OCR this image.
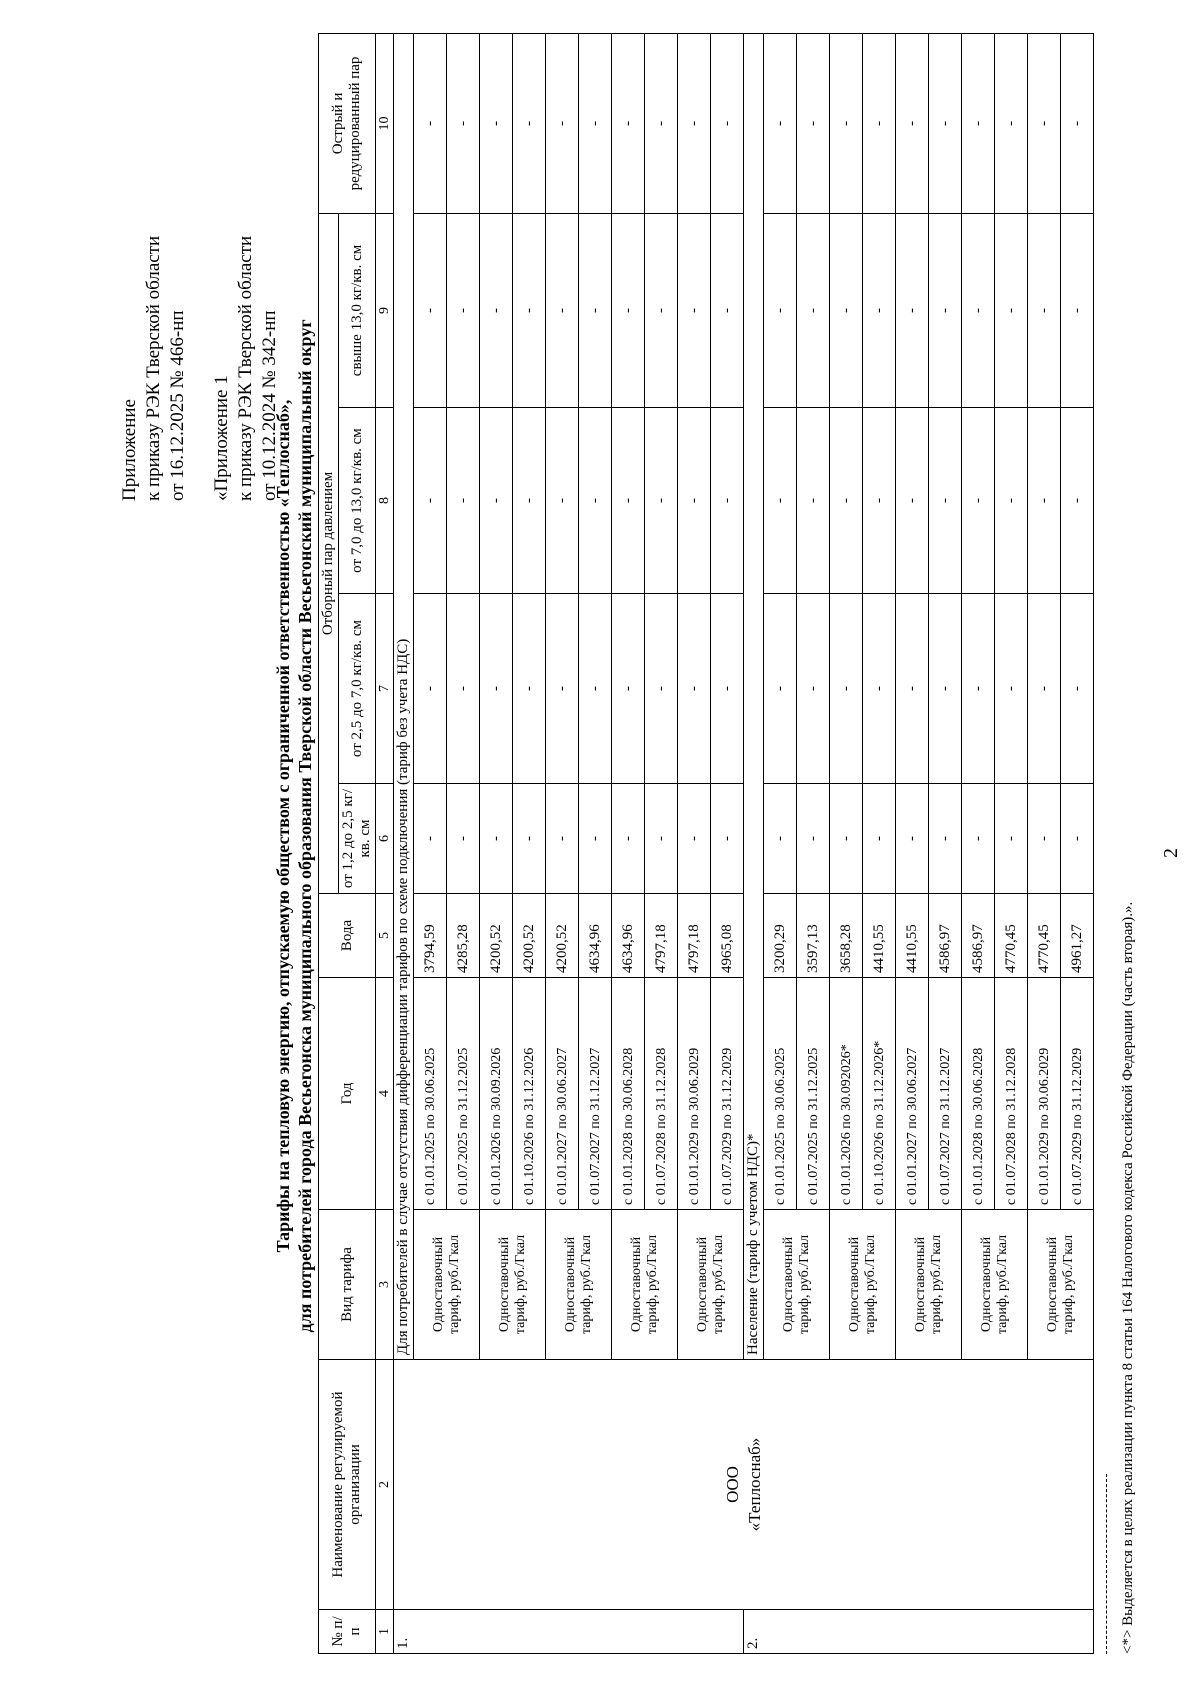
2
Приложение к приказу РЭК Тверской области от 16.12.2025 № 466-нп «Приложение 1 к приказу РЭК Тверской области от 10.12.2024 № 342-нп
Тарифы на тепловую энергию, отпускаемую обществом с ограниченной ответственностью «Теплоснаб», для потребителей города Весьегонска муниципального образования Тверской области Весьегонский муниципальный округ
№ п/п	Наименование регулируемой организации	Вид тарифа	Год	Вода	Отборный пар давлением				Острый и редуцированный пар
					от 1,2 до 2,5 кг/кв. см	от 2,5 до 7,0 кг/кв. см	от 7,0 до 13,0 кг/кв. см	свыше 13,0 кг/кв. см	
1	2	3	4	5	6	7	8	9	10
1.	ООО «Теплоснаб»	Для потребителей в случае отсутствия дифференциации тарифов по схеме подключения (тариф без учета НДС)							

		Одноставочный тариф, руб./Гкал	с 01.01.2025 по 30.06.2025	3794,59	-	-	-	-	-
			с 01.07.2025 по 31.12.2025	4285,28	-	-	-	-	-

		Одноставочный тариф, руб./Гкал	с 01.01.2026 по 30.09.2026	4200,52	-	-	-	-	-
			с 01.10.2026 по 31.12.2026	4200,52	-	-	-	-	-

		Одноставочный тариф, руб./Гкал	с 01.01.2027 по 30.06.2027	4200,52	-	-	-	-	-
			с 01.07.2027 по 31.12.2027	4634,96	-	-	-	-	-

		Одноставочный тариф, руб./Гкал	с 01.01.2028 по 30.06.2028	4634,96	-	-	-	-	-
			с 01.07.2028 по 31.12.2028	4797,18	-	-	-	-	-

		Одноставочный тариф, руб./Гкал	с 01.01.2029 по 30.06.2029	4797,18	-	-	-	-	-
			с 01.07.2029 по 31.12.2029	4965,08	-	-	-	-	-
2.		Население (тариф с учетом НДС)*							

		Одноставочный тариф, руб./Гкал	с 01.01.2025 по 30.06.2025	3200,29	-	-	-	-	-
			с 01.07.2025 по 31.12.2025	3597,13	-	-	-	-	-

		Одноставочный тариф, руб./Гкал	с 01.01.2026 по 30.092026*	3658,28	-	-	-	-	-
			с 01.10.2026 по 31.12.2026*	4410,55	-	-	-	-	-

		Одноставочный тариф, руб./Гкал	с 01.01.2027 по 30.06.2027	4410,55	-	-	-	-	-
			с 01.07.2027 по 31.12.2027	4586,97	-	-	-	-	-

		Одноставочный тариф, руб./Гкал	с 01.01.2028 по 30.06.2028	4586,97	-	-	-	-	-
			с 01.07.2028 по 31.12.2028	4770,45	-	-	-	-	-

		Одноставочный тариф, руб./Гкал	с 01.01.2029 по 30.06.2029	4770,45	-	-	-	-	-
			с 01.07.2029 по 31.12.2029	4961,27	-	-	-	-	-
<*> Выделяется в целях реализации пункта 8 статьи 164 Налогового кодекса Российской Федерации (часть вторая).».
